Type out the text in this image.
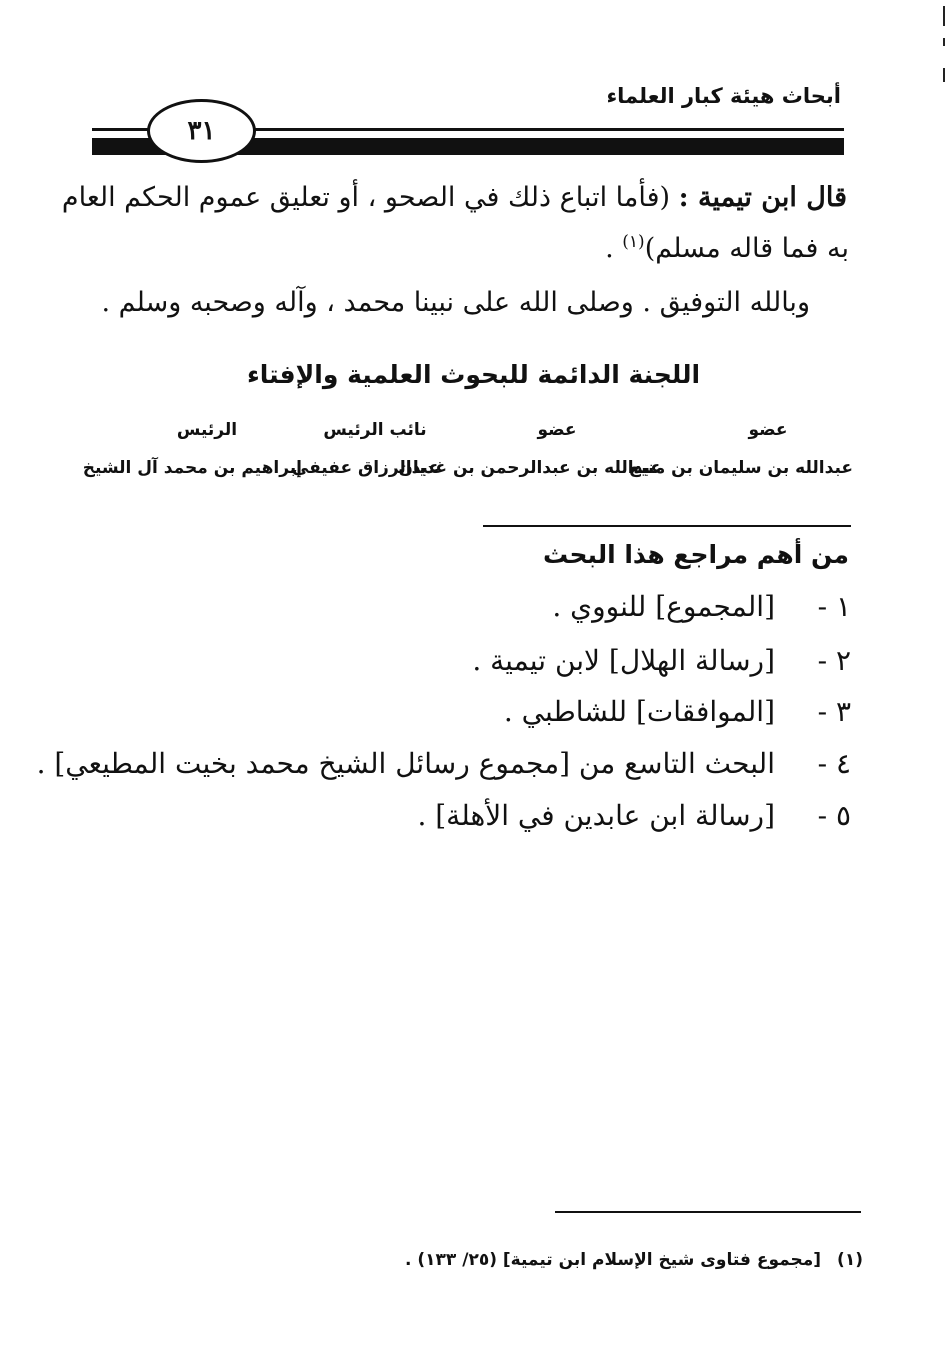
أبحاث هيئة كبار العلماء
٣١
قال ابن تيمية : (فأما اتباع ذلك في الصحو ، أو تعليق عموم الحكم العام
به فما قاله مسلم)$^{(١)}$ .
وبالله التوفيق . وصلى الله على نبينا محمد ، وآله وصحبه وسلم .
اللجنة الدائمة للبحوث العلمية والإفتاء
عضو
عبدالله بن سليمان بن منيع
عضو
عبدالله بن عبدالرحمن بن غديان
نائب الرئيس
عبدالرزاق عفيفي
الرئيس
إبراهيم بن محمد آل الشيخ
من أهم مراجع هذا البحث
١ -
[المجموع] للنووي .
٢ -
[رسالة الهلال] لابن تيمية .
٣ -
[الموافقات] للشاطبي .
٤ -
البحث التاسع من [مجموع رسائل الشيخ محمد بخيت المطيعي] .
٥ -
[رسالة ابن عابدين في الأهلة] .
(١)[مجموع فتاوى شيخ الإسلام ابن تيمية] (٢٥/ ١٣٣) .
